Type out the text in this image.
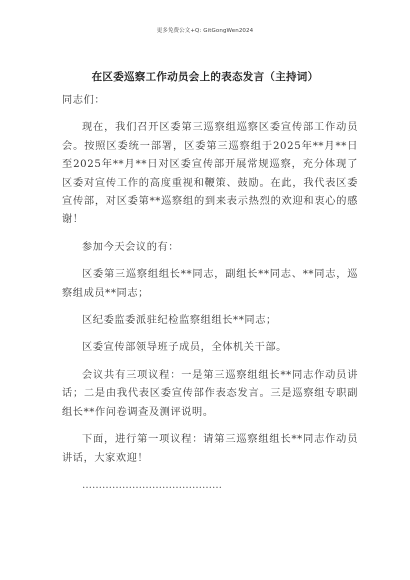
更多免费公文+Q: GitGongWen2024
在区委巡察工作动员会上的表态发言（主持词）

同志们：

现在，我们召开区委第三巡察组巡察区委宣传部工作动员会。按照区委统一部署，区委第三巡察组于2025年**月**日至2025年**月**日对区委宣传部开展常规巡察，充分体现了区委对宣传工作的高度重视和鞭策、鼓励。在此，我代表区委宣传部，对区委第**巡察组的到来表示热烈的欢迎和衷心的感谢！

参加今天会议的有：

区委第三巡察组组长**同志，副组长**同志、**同志，巡察组成员**同志；

区纪委监委派驻纪检监察组组长**同志；

区委宣传部领导班子成员，全体机关干部。

会议共有三项议程：一是第三巡察组组长**同志作动员讲话；二是由我代表区委宣传部作表态发言。三是巡察组专职副组长**作问卷调查及测评说明。

下面，进行第一项议程：请第三巡察组组长**同志作动员讲话，大家欢迎！

……………………………………
